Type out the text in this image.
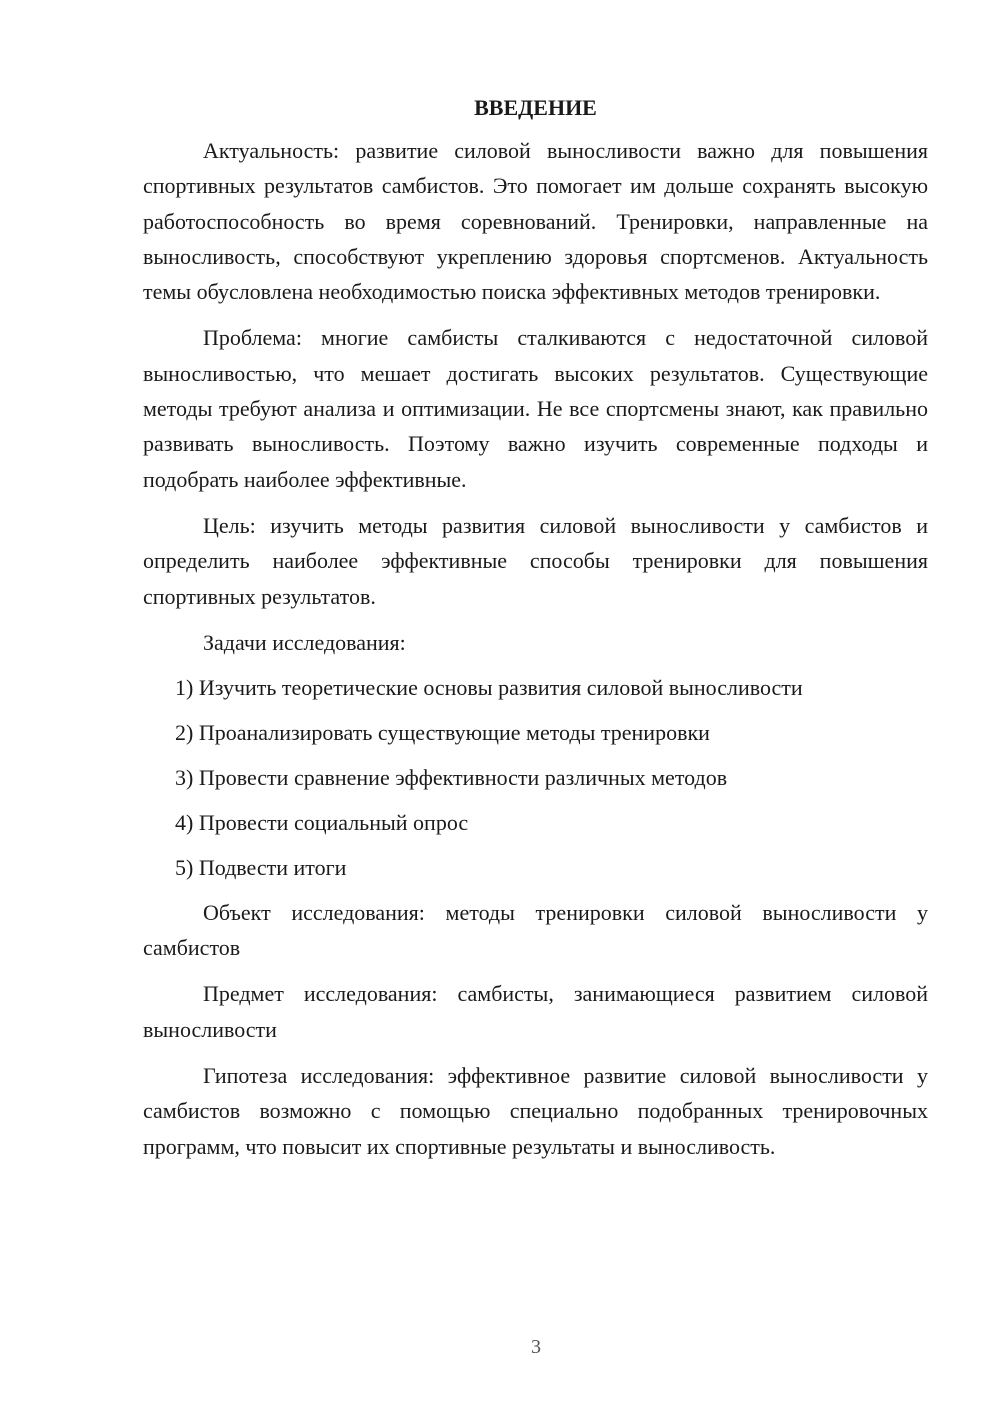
ВВЕДЕНИЕ

Актуальность: развитие силовой выносливости важно для повышения спортивных результатов самбистов. Это помогает им дольше сохранять высокую работоспособность во время соревнований. Тренировки, направленные на выносливость, способствуют укреплению здоровья спортсменов. Актуальность темы обусловлена необходимостью поиска эффективных методов тренировки.

Проблема: многие самбисты сталкиваются с недостаточной силовой выносливостью, что мешает достигать высоких результатов. Существующие методы требуют анализа и оптимизации. Не все спортсмены знают, как правильно развивать выносливость. Поэтому важно изучить современные подходы и подобрать наиболее эффективные.

Цель: изучить методы развития силовой выносливости у самбистов и определить наиболее эффективные способы тренировки для повышения спортивных результатов.

Задачи исследования:

1) Изучить теоретические основы развития силовой выносливости
2) Проанализировать существующие методы тренировки
3) Провести сравнение эффективности различных методов
4) Провести социальный опрос
5) Подвести итоги

Объект исследования: методы тренировки силовой выносливости у самбистов

Предмет исследования: самбисты, занимающиеся развитием силовой выносливости

Гипотеза исследования: эффективное развитие силовой выносливости у самбистов возможно с помощью специально подобранных тренировочных программ, что повысит их спортивные результаты и выносливость.

3
